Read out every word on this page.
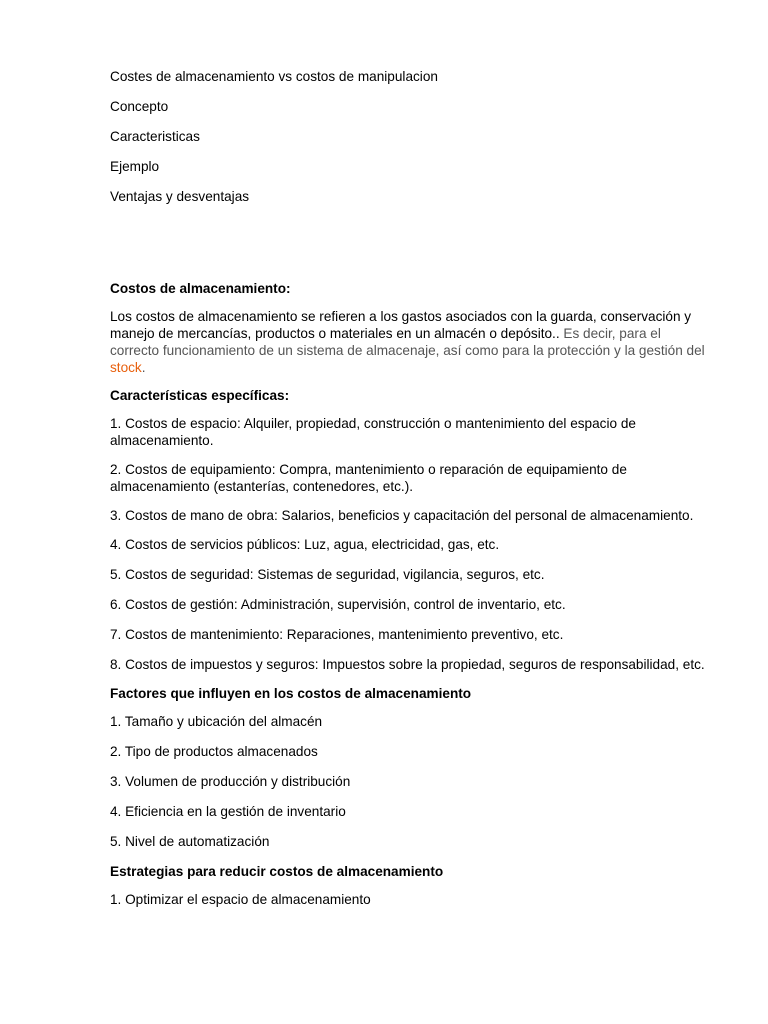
Costes de almacenamiento vs costos de manipulacion

Concepto

Caracteristicas

Ejemplo

Ventajas y desventajas

Costos de almacenamiento:

Los costos de almacenamiento se refieren a los gastos asociados con la guarda, conservación y manejo de mercancías, productos o materiales en un almacén o depósito.. Es decir, para el correcto funcionamiento de un sistema de almacenaje, así como para la protección y la gestión del stock.

Características específicas:

1. Costos de espacio: Alquiler, propiedad, construcción o mantenimiento del espacio de almacenamiento.

2. Costos de equipamiento: Compra, mantenimiento o reparación de equipamiento de almacenamiento (estanterías, contenedores, etc.).

3. Costos de mano de obra: Salarios, beneficios y capacitación del personal de almacenamiento.

4. Costos de servicios públicos: Luz, agua, electricidad, gas, etc.

5. Costos de seguridad: Sistemas de seguridad, vigilancia, seguros, etc.

6. Costos de gestión: Administración, supervisión, control de inventario, etc.

7. Costos de mantenimiento: Reparaciones, mantenimiento preventivo, etc.

8. Costos de impuestos y seguros: Impuestos sobre la propiedad, seguros de responsabilidad, etc.

Factores que influyen en los costos de almacenamiento

1. Tamaño y ubicación del almacén

2. Tipo de productos almacenados

3. Volumen de producción y distribución

4. Eficiencia en la gestión de inventario

5. Nivel de automatización

Estrategias para reducir costos de almacenamiento

1. Optimizar el espacio de almacenamiento
